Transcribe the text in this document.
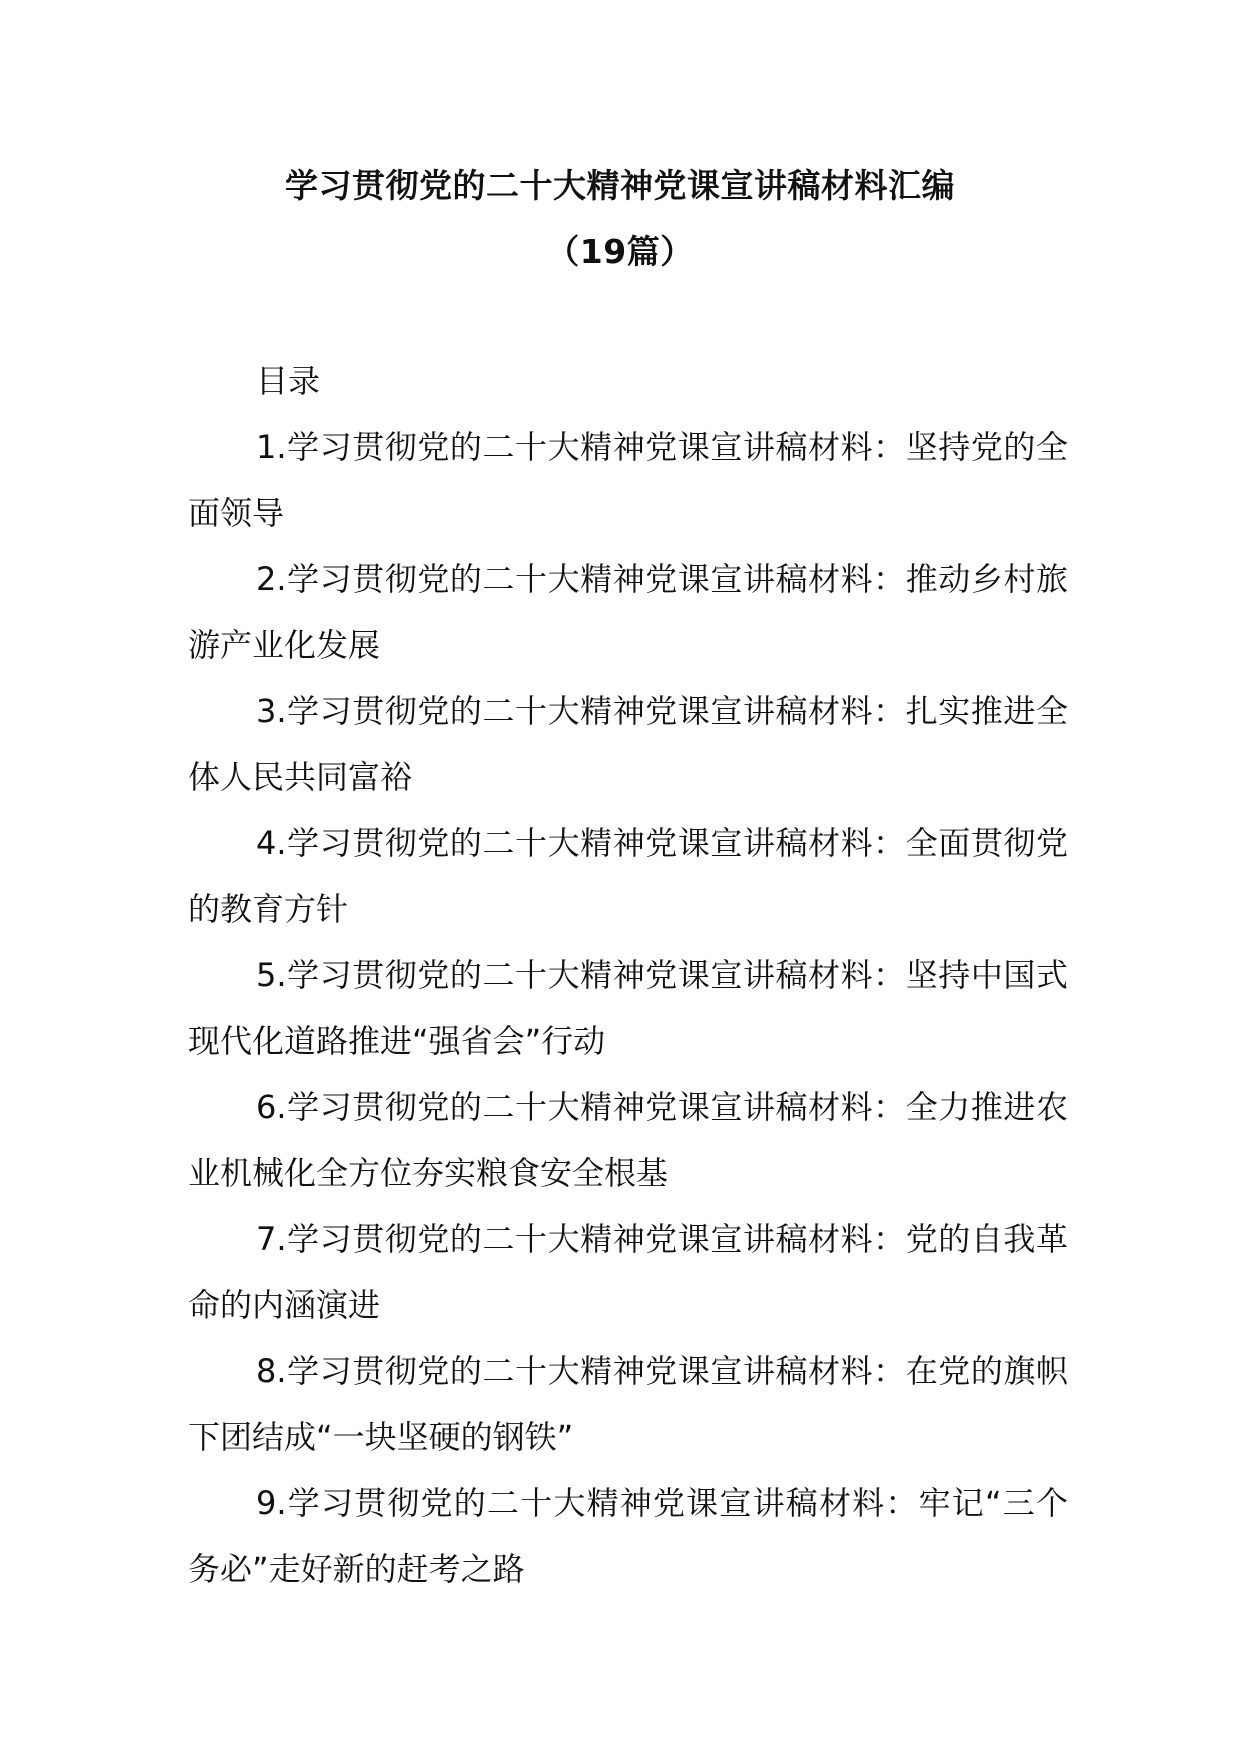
学习贯彻党的二十大精神党课宣讲稿材料汇编
（19篇）

目录

1.学习贯彻党的二十大精神党课宣讲稿材料：坚持党的全面领导

2.学习贯彻党的二十大精神党课宣讲稿材料：推动乡村旅游产业化发展

3.学习贯彻党的二十大精神党课宣讲稿材料：扎实推进全体人民共同富裕

4.学习贯彻党的二十大精神党课宣讲稿材料：全面贯彻党的教育方针

5.学习贯彻党的二十大精神党课宣讲稿材料：坚持中国式现代化道路推进“强省会”行动

6.学习贯彻党的二十大精神党课宣讲稿材料：全力推进农业机械化全方位夯实粮食安全根基

7.学习贯彻党的二十大精神党课宣讲稿材料：党的自我革命的内涵演进

8.学习贯彻党的二十大精神党课宣讲稿材料：在党的旗帜下团结成“一块坚硬的钢铁”

9.学习贯彻党的二十大精神党课宣讲稿材料：牢记“三个务必”走好新的赶考之路
